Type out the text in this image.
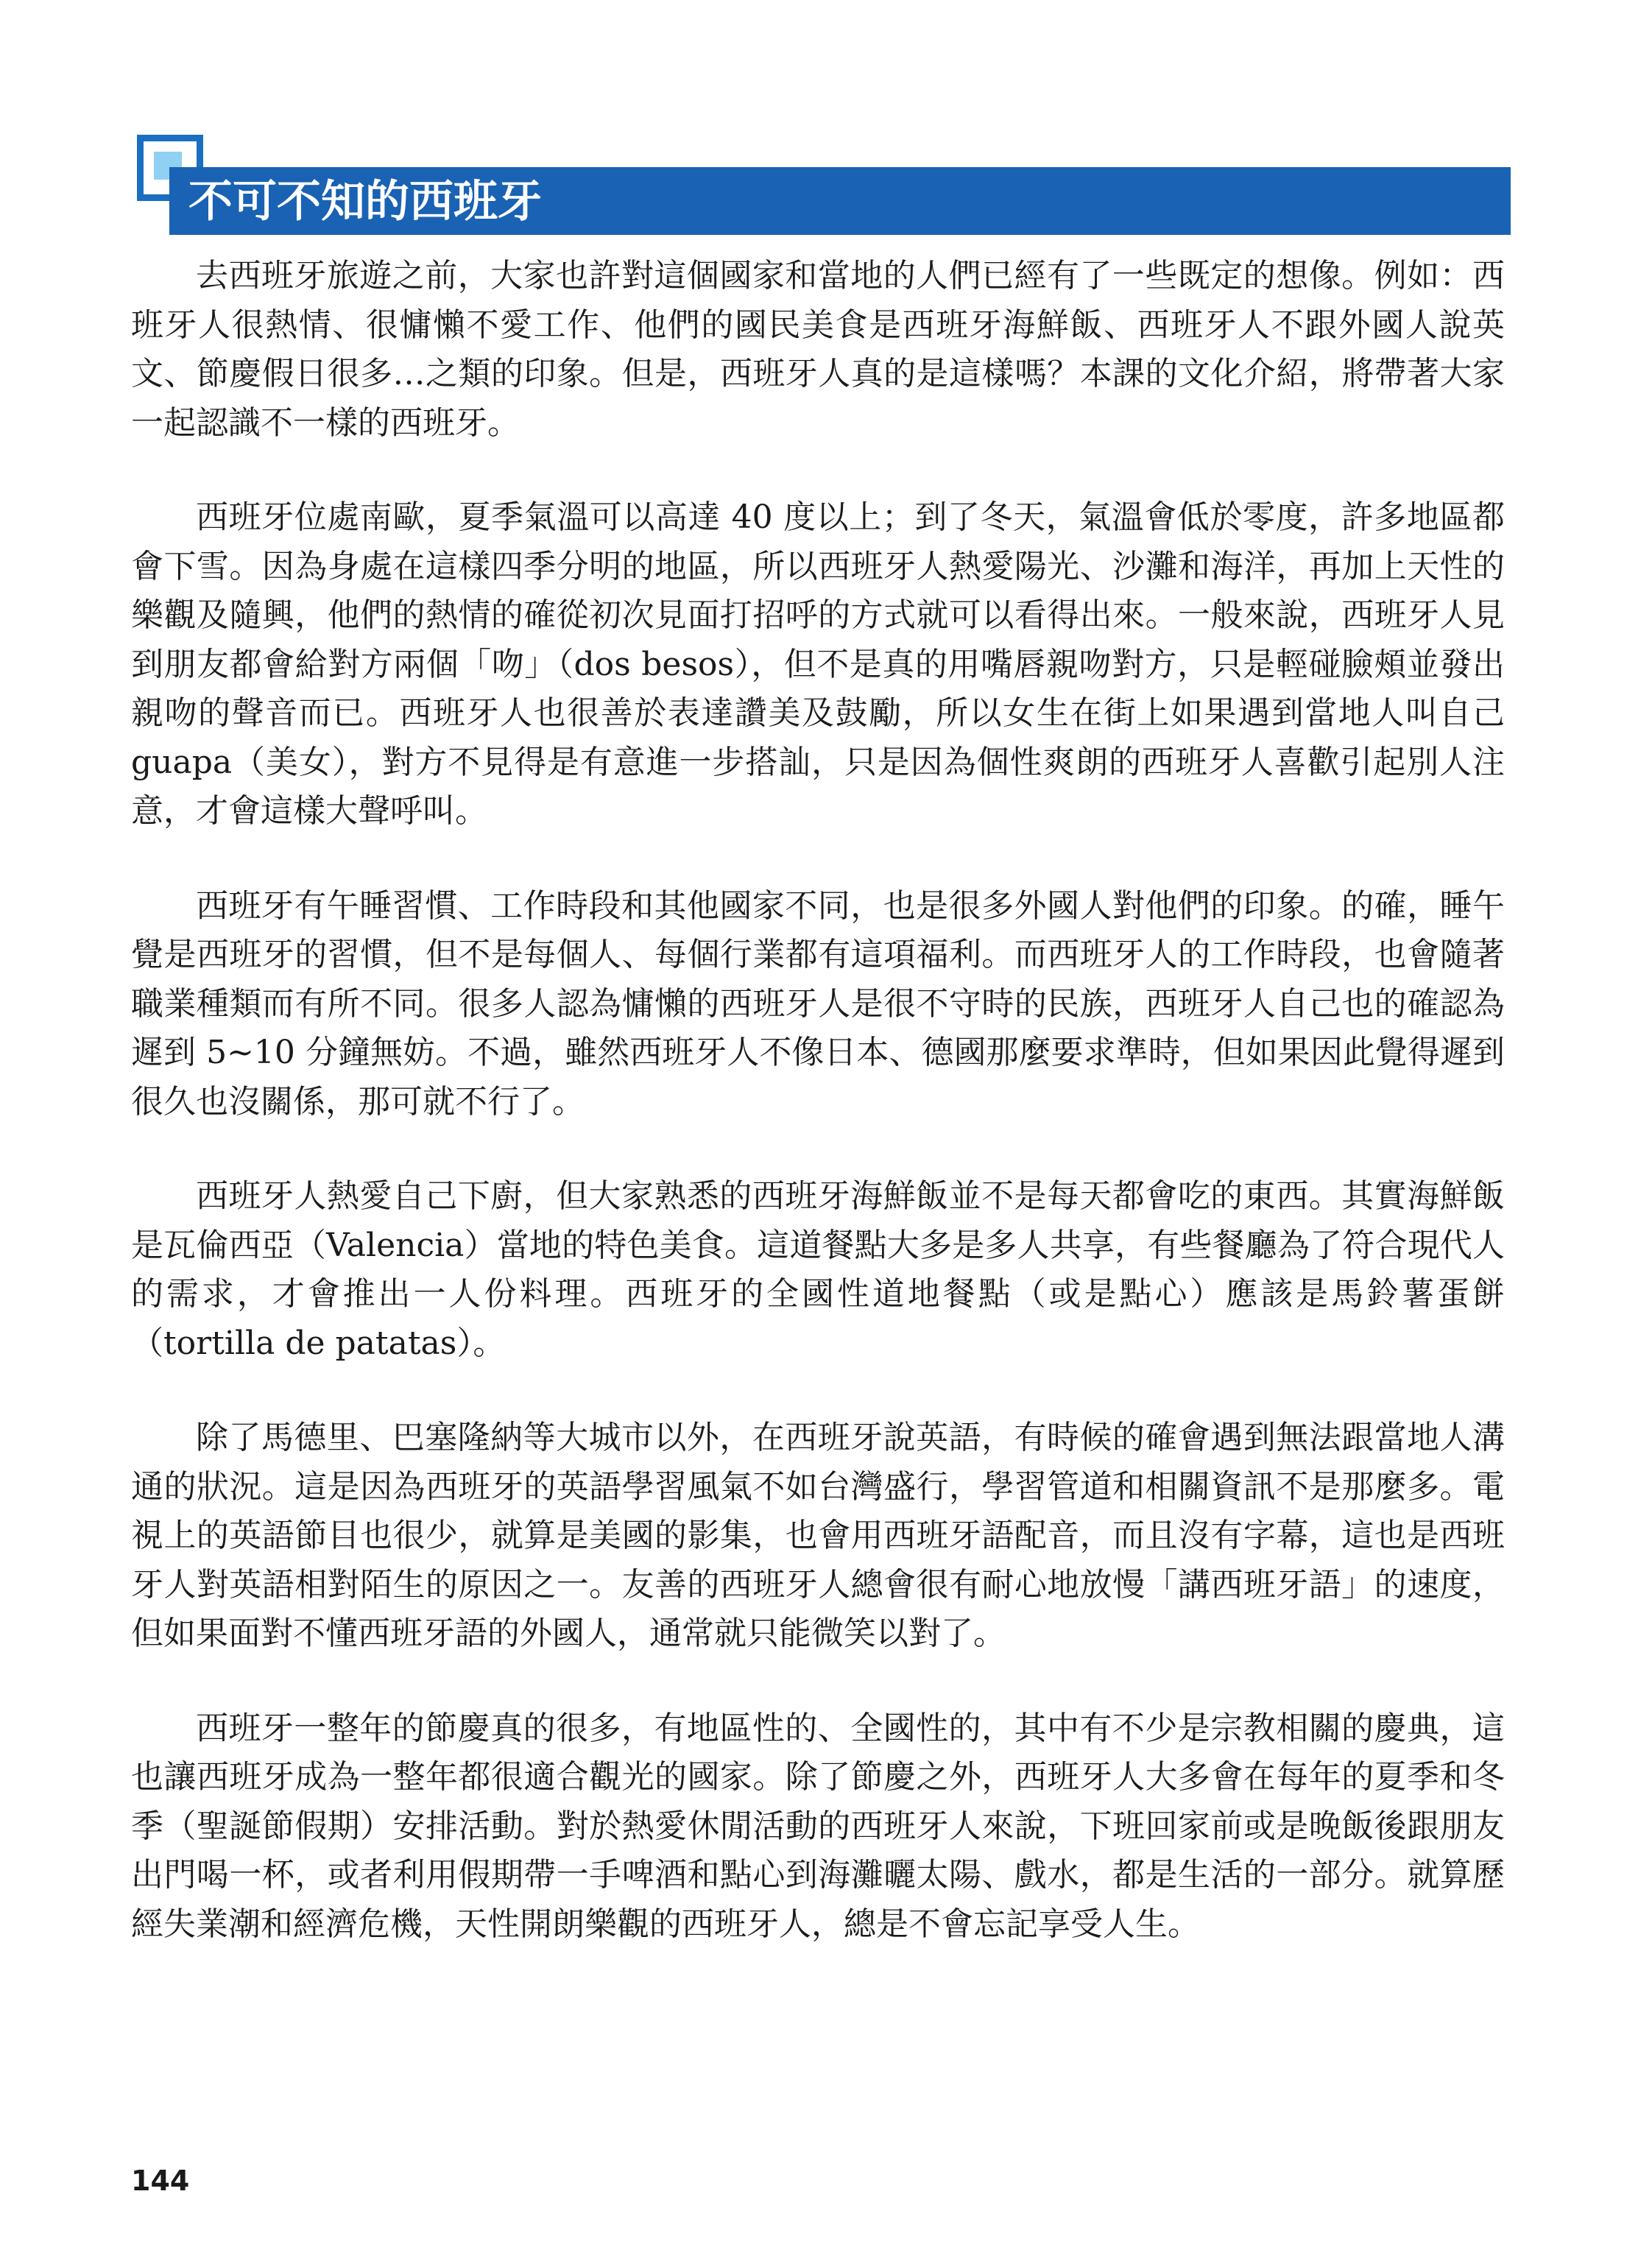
不可不知的西班牙

去西班牙旅遊之前，大家也許對這個國家和當地的人們已經有了一些既定的想像。例如：西班牙人很熱情、很慵懶不愛工作、他們的國民美食是西班牙海鮮飯、西班牙人不跟外國人說英文、節慶假日很多…之類的印象。但是，西班牙人真的是這樣嗎？本課的文化介紹，將帶著大家一起認識不一樣的西班牙。

西班牙位處南歐，夏季氣溫可以高達 40 度以上；到了冬天，氣溫會低於零度，許多地區都會下雪。因為身處在這樣四季分明的地區，所以西班牙人熱愛陽光、沙灘和海洋，再加上天性的樂觀及隨興，他們的熱情的確從初次見面打招呼的方式就可以看得出來。一般來說，西班牙人見到朋友都會給對方兩個「吻」（dos besos），但不是真的用嘴唇親吻對方，只是輕碰臉頰並發出親吻的聲音而已。西班牙人也很善於表達讚美及鼓勵，所以女生在街上如果遇到當地人叫自己 guapa（美女），對方不見得是有意進一步搭訕，只是因為個性爽朗的西班牙人喜歡引起別人注意，才會這樣大聲呼叫。

西班牙有午睡習慣、工作時段和其他國家不同，也是很多外國人對他們的印象。的確，睡午覺是西班牙的習慣，但不是每個人、每個行業都有這項福利。而西班牙人的工作時段，也會隨著職業種類而有所不同。很多人認為慵懶的西班牙人是很不守時的民族，西班牙人自己也的確認為遲到 5~10 分鐘無妨。不過，雖然西班牙人不像日本、德國那麼要求準時，但如果因此覺得遲到很久也沒關係，那可就不行了。

西班牙人熱愛自己下廚，但大家熟悉的西班牙海鮮飯並不是每天都會吃的東西。其實海鮮飯是瓦倫西亞（Valencia）當地的特色美食。這道餐點大多是多人共享，有些餐廳為了符合現代人的需求，才會推出一人份料理。西班牙的全國性道地餐點（或是點心）應該是馬鈴薯蛋餅（tortilla de patatas）。

除了馬德里、巴塞隆納等大城市以外，在西班牙說英語，有時候的確會遇到無法跟當地人溝通的狀況。這是因為西班牙的英語學習風氣不如台灣盛行，學習管道和相關資訊不是那麼多。電視上的英語節目也很少，就算是美國的影集，也會用西班牙語配音，而且沒有字幕，這也是西班牙人對英語相對陌生的原因之一。友善的西班牙人總會很有耐心地放慢「講西班牙語」的速度，但如果面對不懂西班牙語的外國人，通常就只能微笑以對了。

西班牙一整年的節慶真的很多，有地區性的、全國性的，其中有不少是宗教相關的慶典，這也讓西班牙成為一整年都很適合觀光的國家。除了節慶之外，西班牙人大多會在每年的夏季和冬季（聖誕節假期）安排活動。對於熱愛休閒活動的西班牙人來說，下班回家前或是晚飯後跟朋友出門喝一杯，或者利用假期帶一手啤酒和點心到海灘曬太陽、戲水，都是生活的一部分。就算歷經失業潮和經濟危機，天性開朗樂觀的西班牙人，總是不會忘記享受人生。

144
